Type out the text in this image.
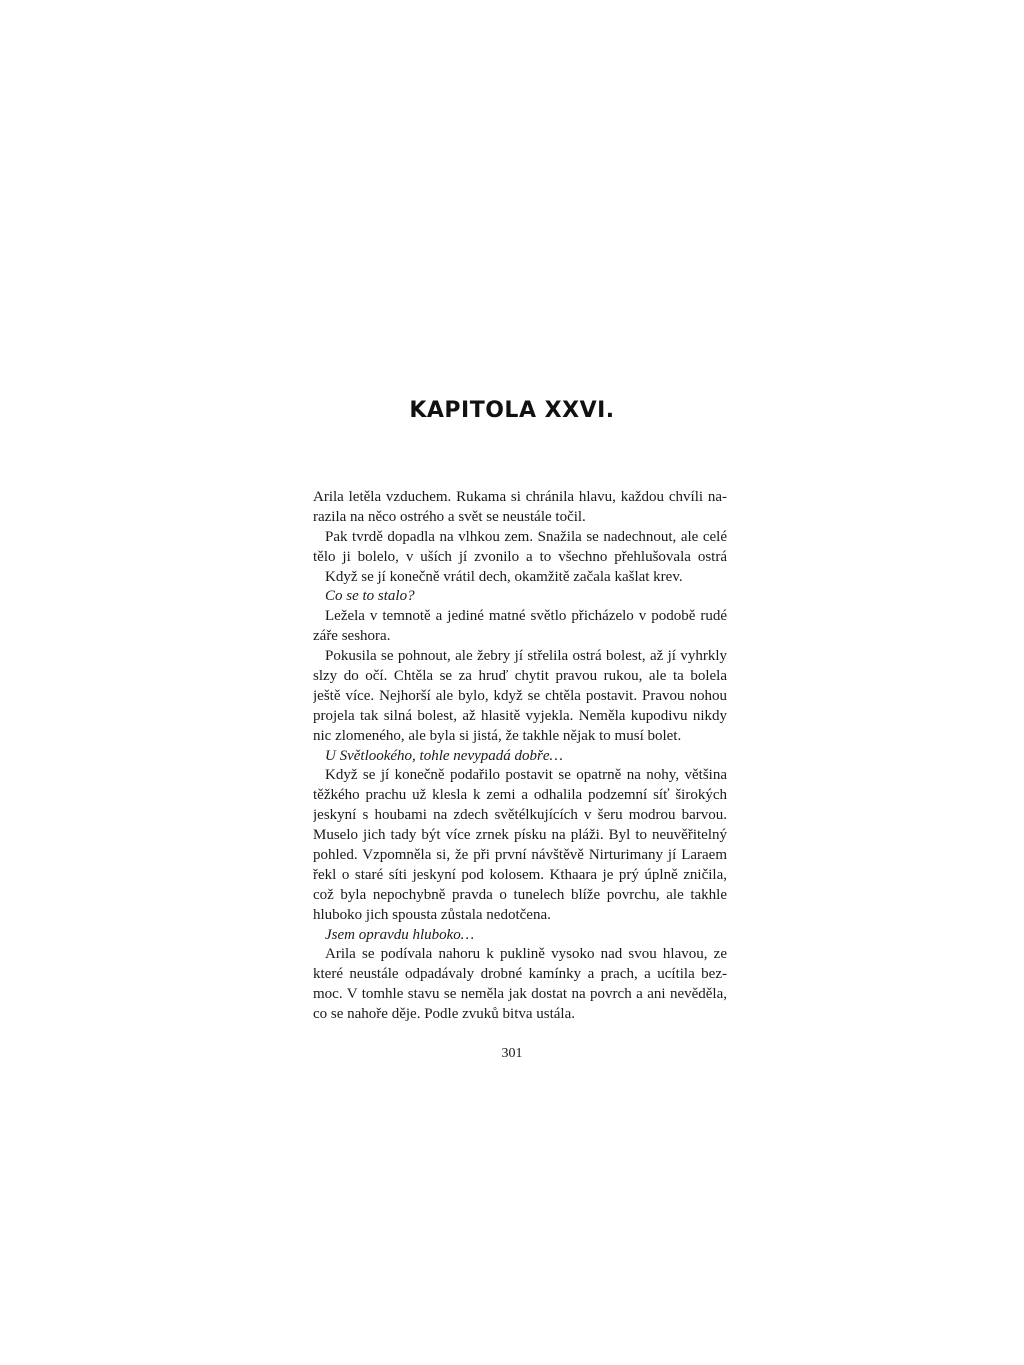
KAPITOLA XXVI.
Arila letěla vzduchem. Rukama si chránila hlavu, každou chvíli na-
razila na něco ostrého a svět se neustále točil.
Pak tvrdě dopadla na vlhkou zem. Snažila se nadechnout, ale celé
tělo ji bolelo, v uších jí zvonilo a to všechno přehlušovala ostrá
Když se jí konečně vrátil dech, okamžitě začala kašlat krev.
Co se to stalo?
Ležela v temnotě a jediné matné světlo přicházelo v podobě rudé
záře seshora.
Pokusila se pohnout, ale žebry jí střelila ostrá bolest, až jí vyhrkly
slzy do očí. Chtěla se za hruď chytit pravou rukou, ale ta bolela
ještě více. Nejhorší ale bylo, když se chtěla postavit. Pravou nohou
projela tak silná bolest, až hlasitě vyjekla. Neměla kupodivu nikdy
nic zlomeného, ale byla si jistá, že takhle nějak to musí bolet.
U Světlookého, tohle nevypadá dobře…
Když se jí konečně podařilo postavit se opatrně na nohy, většina
těžkého prachu už klesla k zemi a odhalila podzemní síť širokých
jeskyní s houbami na zdech světélkujících v šeru modrou barvou.
Muselo jich tady být více zrnek písku na pláži. Byl to neuvěřitelný
pohled. Vzpomněla si, že při první návštěvě Nirturimany jí Laraem
řekl o staré síti jeskyní pod kolosem. Kthaara je prý úplně zničila,
což byla nepochybně pravda o tunelech blíže povrchu, ale takhle
hluboko jich spousta zůstala nedotčena.
Jsem opravdu hluboko…
Arila se podívala nahoru k puklině vysoko nad svou hlavou, ze
které neustále odpadávaly drobné kamínky a prach, a ucítila bez-
moc. V tomhle stavu se neměla jak dostat na povrch a ani nevěděla,
co se nahoře děje. Podle zvuků bitva ustála.
301
